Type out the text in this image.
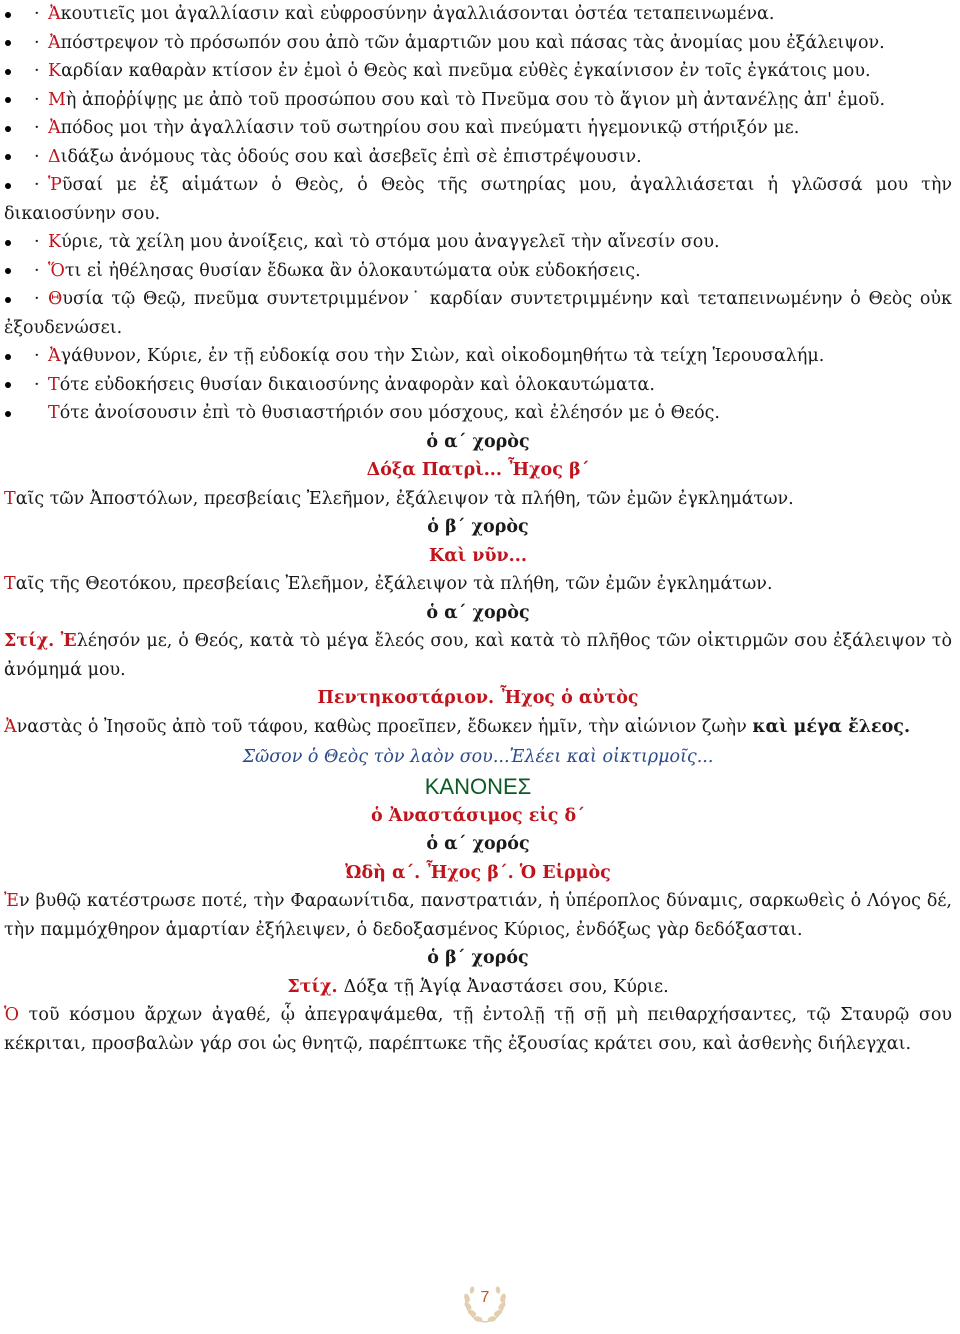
· Ἀκουτιεῖς μοι ἀγαλλίασιν καὶ εὐφροσύνην ἀγαλλιάσονται ὀστέα τεταπεινωμένα.
· Ἀπόστρεψον τὸ πρόσωπόν σου ἀπὸ τῶν ἁμαρτιῶν μου καὶ πάσας τὰς ἀνομίας μου ἐξάλειψον.
· Καρδίαν καθαρὰν κτίσον ἐν ἐμοὶ ὁ Θεὸς καὶ πνεῦμα εὐθὲς ἐγκαίνισον ἐν τοῖς ἐγκάτοις μου.
· Μὴ ἀποῤῥίψῃς με ἀπὸ τοῦ προσώπου σου καὶ τὸ Πνεῦμα σου τὸ ἅγιον μὴ ἀντανέλῃς ἀπ' ἐμοῦ.
· Ἀπόδος μοι τὴν ἀγαλλίασιν τοῦ σωτηρίου σου καὶ πνεύματι ἡγεμονικῷ στήριξόν με.
· Διδάξω ἀνόμους τὰς ὁδούς σου καὶ ἀσεβεῖς ἐπὶ σὲ ἐπιστρέψουσιν.
· Ῥῦσαί με ἐξ αἱμάτων ὁ Θεὸς, ὁ Θεὸς τῆς σωτηρίας μου, ἀγαλλιάσεται ἡ γλῶσσά μου τὴν δικαιοσύνην σου.
· Κύριε, τὰ χείλη μου ἀνοίξεις, καὶ τὸ στόμα μου ἀναγγελεῖ τὴν αἴνεσίν σου.
· Ὅτι εἰ ἠθέλησας θυσίαν ἔδωκα ἂν ὁλοκαυτώματα οὐκ εὐδοκήσεις.
· Θυσία τῷ Θεῷ, πνεῦμα συντετριμμένον˙ καρδίαν συντετριμμένην καὶ τεταπεινωμένην ὁ Θεὸς οὐκ ἐξουδενώσει.
· Ἀγάθυνον, Κύριε, ἐν τῇ εὐδοκίᾳ σου τὴν Σιὼν, καὶ οἰκοδομηθήτω τὰ τείχη Ἱερουσαλήμ.
· Τότε εὐδοκήσεις θυσίαν δικαιοσύνης ἀναφορὰν καὶ ὁλοκαυτώματα.
Τότε ἀνοίσουσιν ἐπὶ τὸ θυσιαστήριόν σου μόσχους, καὶ ἐλέησόν με ὁ Θεός.
ὁ α΄ χορὸς
Δόξα Πατρὶ... Ἦχος β΄
Ταῖς τῶν Ἀποστόλων, πρεσβείαις Ἐλεῆμον, ἐξάλειψον τὰ πλήθη, τῶν ἐμῶν ἐγκλημάτων.
ὁ β΄ χορὸς
Καὶ νῦν...
Ταῖς τῆς Θεοτόκου, πρεσβείαις Ἐλεῆμον, ἐξάλειψον τὰ πλήθη, τῶν ἐμῶν ἐγκλημάτων.
ὁ α΄ χορὸς
Στίχ. Ἐλέησόν με, ὁ Θεός, κατὰ τὸ μέγα ἔλεός σου, καὶ κατὰ τὸ πλῆθος τῶν οἰκτιρμῶν σου ἐξάλειψον τὸ ἀνόμημά μου.
Πεντηκοστάριον. Ἦχος ὁ αὐτὸς
Ἀναστὰς ὁ Ἰησοῦς ἀπὸ τοῦ τάφου, καθὼς προεῖπεν, ἔδωκεν ἡμῖν, τὴν αἰώνιον ζωὴν καὶ μέγα ἔλεος.
Σῶσον ὁ Θεὸς τὸν λαὸν σου...Ἐλέει καὶ οἰκτιρμοῖς...
ΚΑΝΟΝΕΣ
ὁ Ἀναστάσιμος εἰς δ΄
ὁ α΄ χορός
Ὠδὴ α΄. Ἦχος β΄. Ὁ Εἱρμὸς
Ἐν βυθῷ κατέστρωσε ποτέ, τὴν Φαραωνίτιδα, πανστρατιάν, ἡ ὑπέροπλος δύναμις, σαρκωθεὶς ὁ Λόγος δέ, τὴν παμμόχθηρον ἁμαρτίαν ἐξήλειψεν, ὁ δεδοξασμένος Κύριος, ἐνδόξως γὰρ δεδόξασται.
ὁ β΄ χορός
Στίχ. Δόξα τῇ Ἁγίᾳ Ἀναστάσει σου, Κύριε.
Ὁ τοῦ κόσμου ἄρχων ἀγαθέ, ᾧ ἀπεγραψάμεθα, τῇ ἐντολῇ τῇ σῇ μὴ πειθαρχήσαντες, τῷ Σταυρῷ σου κέκριται, προσβαλὼν γάρ σοι ὡς θνητῷ, παρέπτωκε τῆς ἐξουσίας κράτει σου, καὶ ἀσθενὴς διήλεγχαι.
7
